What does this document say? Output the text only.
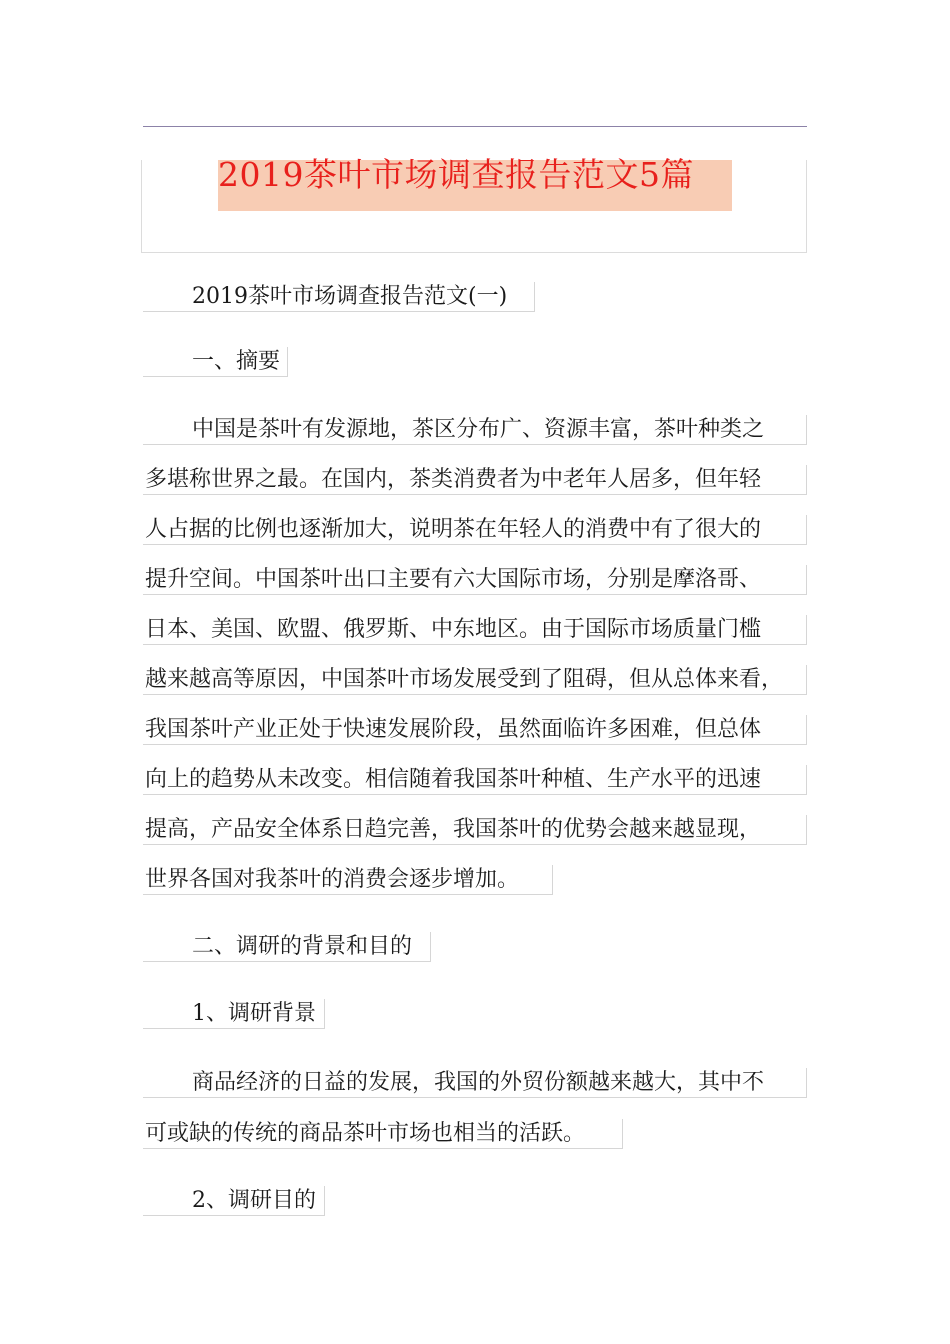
2019茶叶市场调查报告范文5篇
2019茶叶市场调查报告范文(一)
一、摘要
中国是茶叶有发源地，茶区分布广、资源丰富，茶叶种类之
多堪称世界之最。在国内，茶类消费者为中老年人居多，但年轻
人占据的比例也逐渐加大，说明茶在年轻人的消费中有了很大的
提升空间。中国茶叶出口主要有六大国际市场，分别是摩洛哥、
日本、美国、欧盟、俄罗斯、中东地区。由于国际市场质量门槛
越来越高等原因，中国茶叶市场发展受到了阻碍，但从总体来看，
我国茶叶产业正处于快速发展阶段，虽然面临许多困难，但总体
向上的趋势从未改变。相信随着我国茶叶种植、生产水平的迅速
提高，产品安全体系日趋完善，我国茶叶的优势会越来越显现，
世界各国对我茶叶的消费会逐步增加。
二、调研的背景和目的
1、调研背景
商品经济的日益的发展，我国的外贸份额越来越大，其中不
可或缺的传统的商品茶叶市场也相当的活跃。
2、调研目的
